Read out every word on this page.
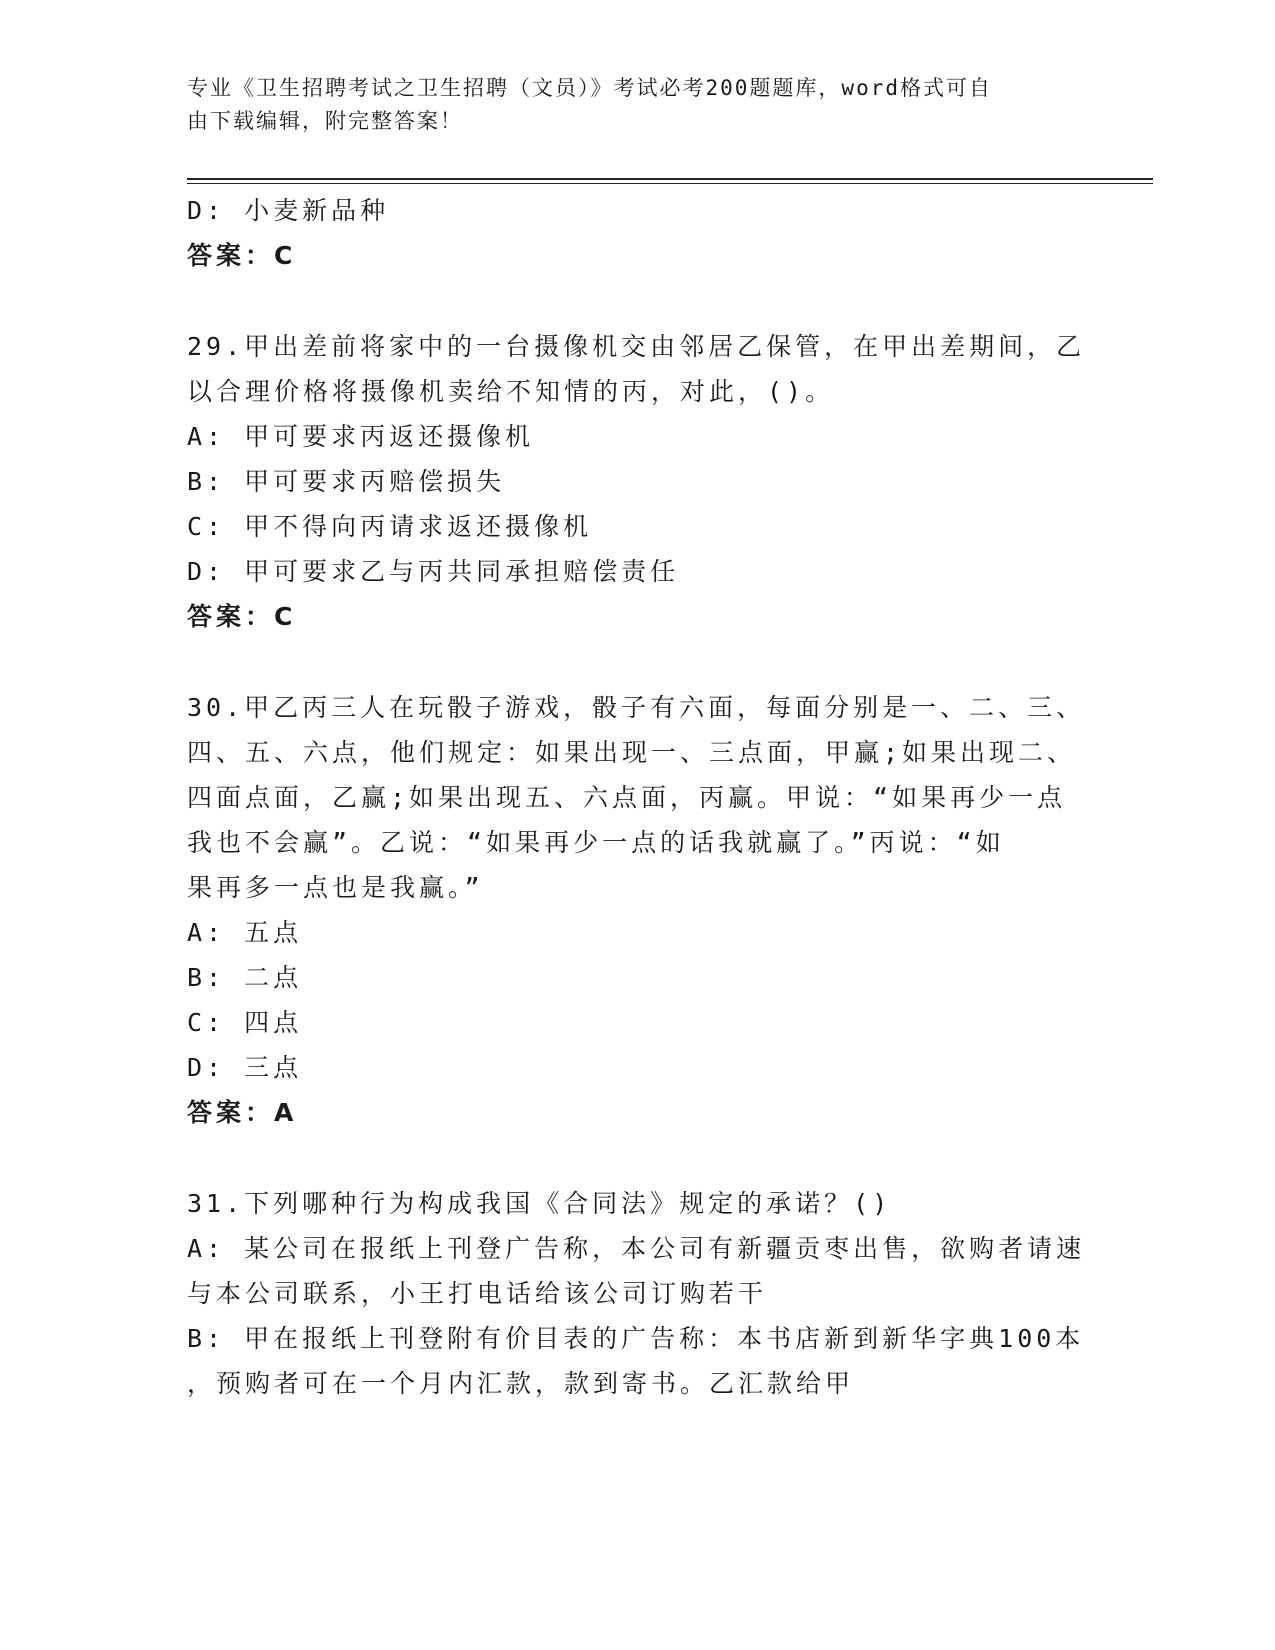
专业《卫生招聘考试之卫生招聘（文员）》考试必考200题题库，word格式可自
由下载编辑，附完整答案！
D: 小麦新品种
答案：C
29.甲出差前将家中的一台摄像机交由邻居乙保管，在甲出差期间，乙
以合理价格将摄像机卖给不知情的丙，对此，()。
A: 甲可要求丙返还摄像机
B: 甲可要求丙赔偿损失
C: 甲不得向丙请求返还摄像机
D: 甲可要求乙与丙共同承担赔偿责任
答案：C
30.甲乙丙三人在玩骰子游戏，骰子有六面，每面分别是一、二、三、
四、五、六点，他们规定：如果出现一、三点面，甲赢;如果出现二、
四面点面，乙赢;如果出现五、六点面，丙赢。甲说：“如果再少一点
我也不会赢”。乙说：“如果再少一点的话我就赢了。”丙说：“如
果再多一点也是我赢。”
A: 五点
B: 二点
C: 四点
D: 三点
答案：A
31.下列哪种行为构成我国《合同法》规定的承诺？()
A: 某公司在报纸上刊登广告称，本公司有新疆贡枣出售，欲购者请速
与本公司联系，小王打电话给该公司订购若干
B: 甲在报纸上刊登附有价目表的广告称：本书店新到新华字典100本
，预购者可在一个月内汇款，款到寄书。乙汇款给甲
